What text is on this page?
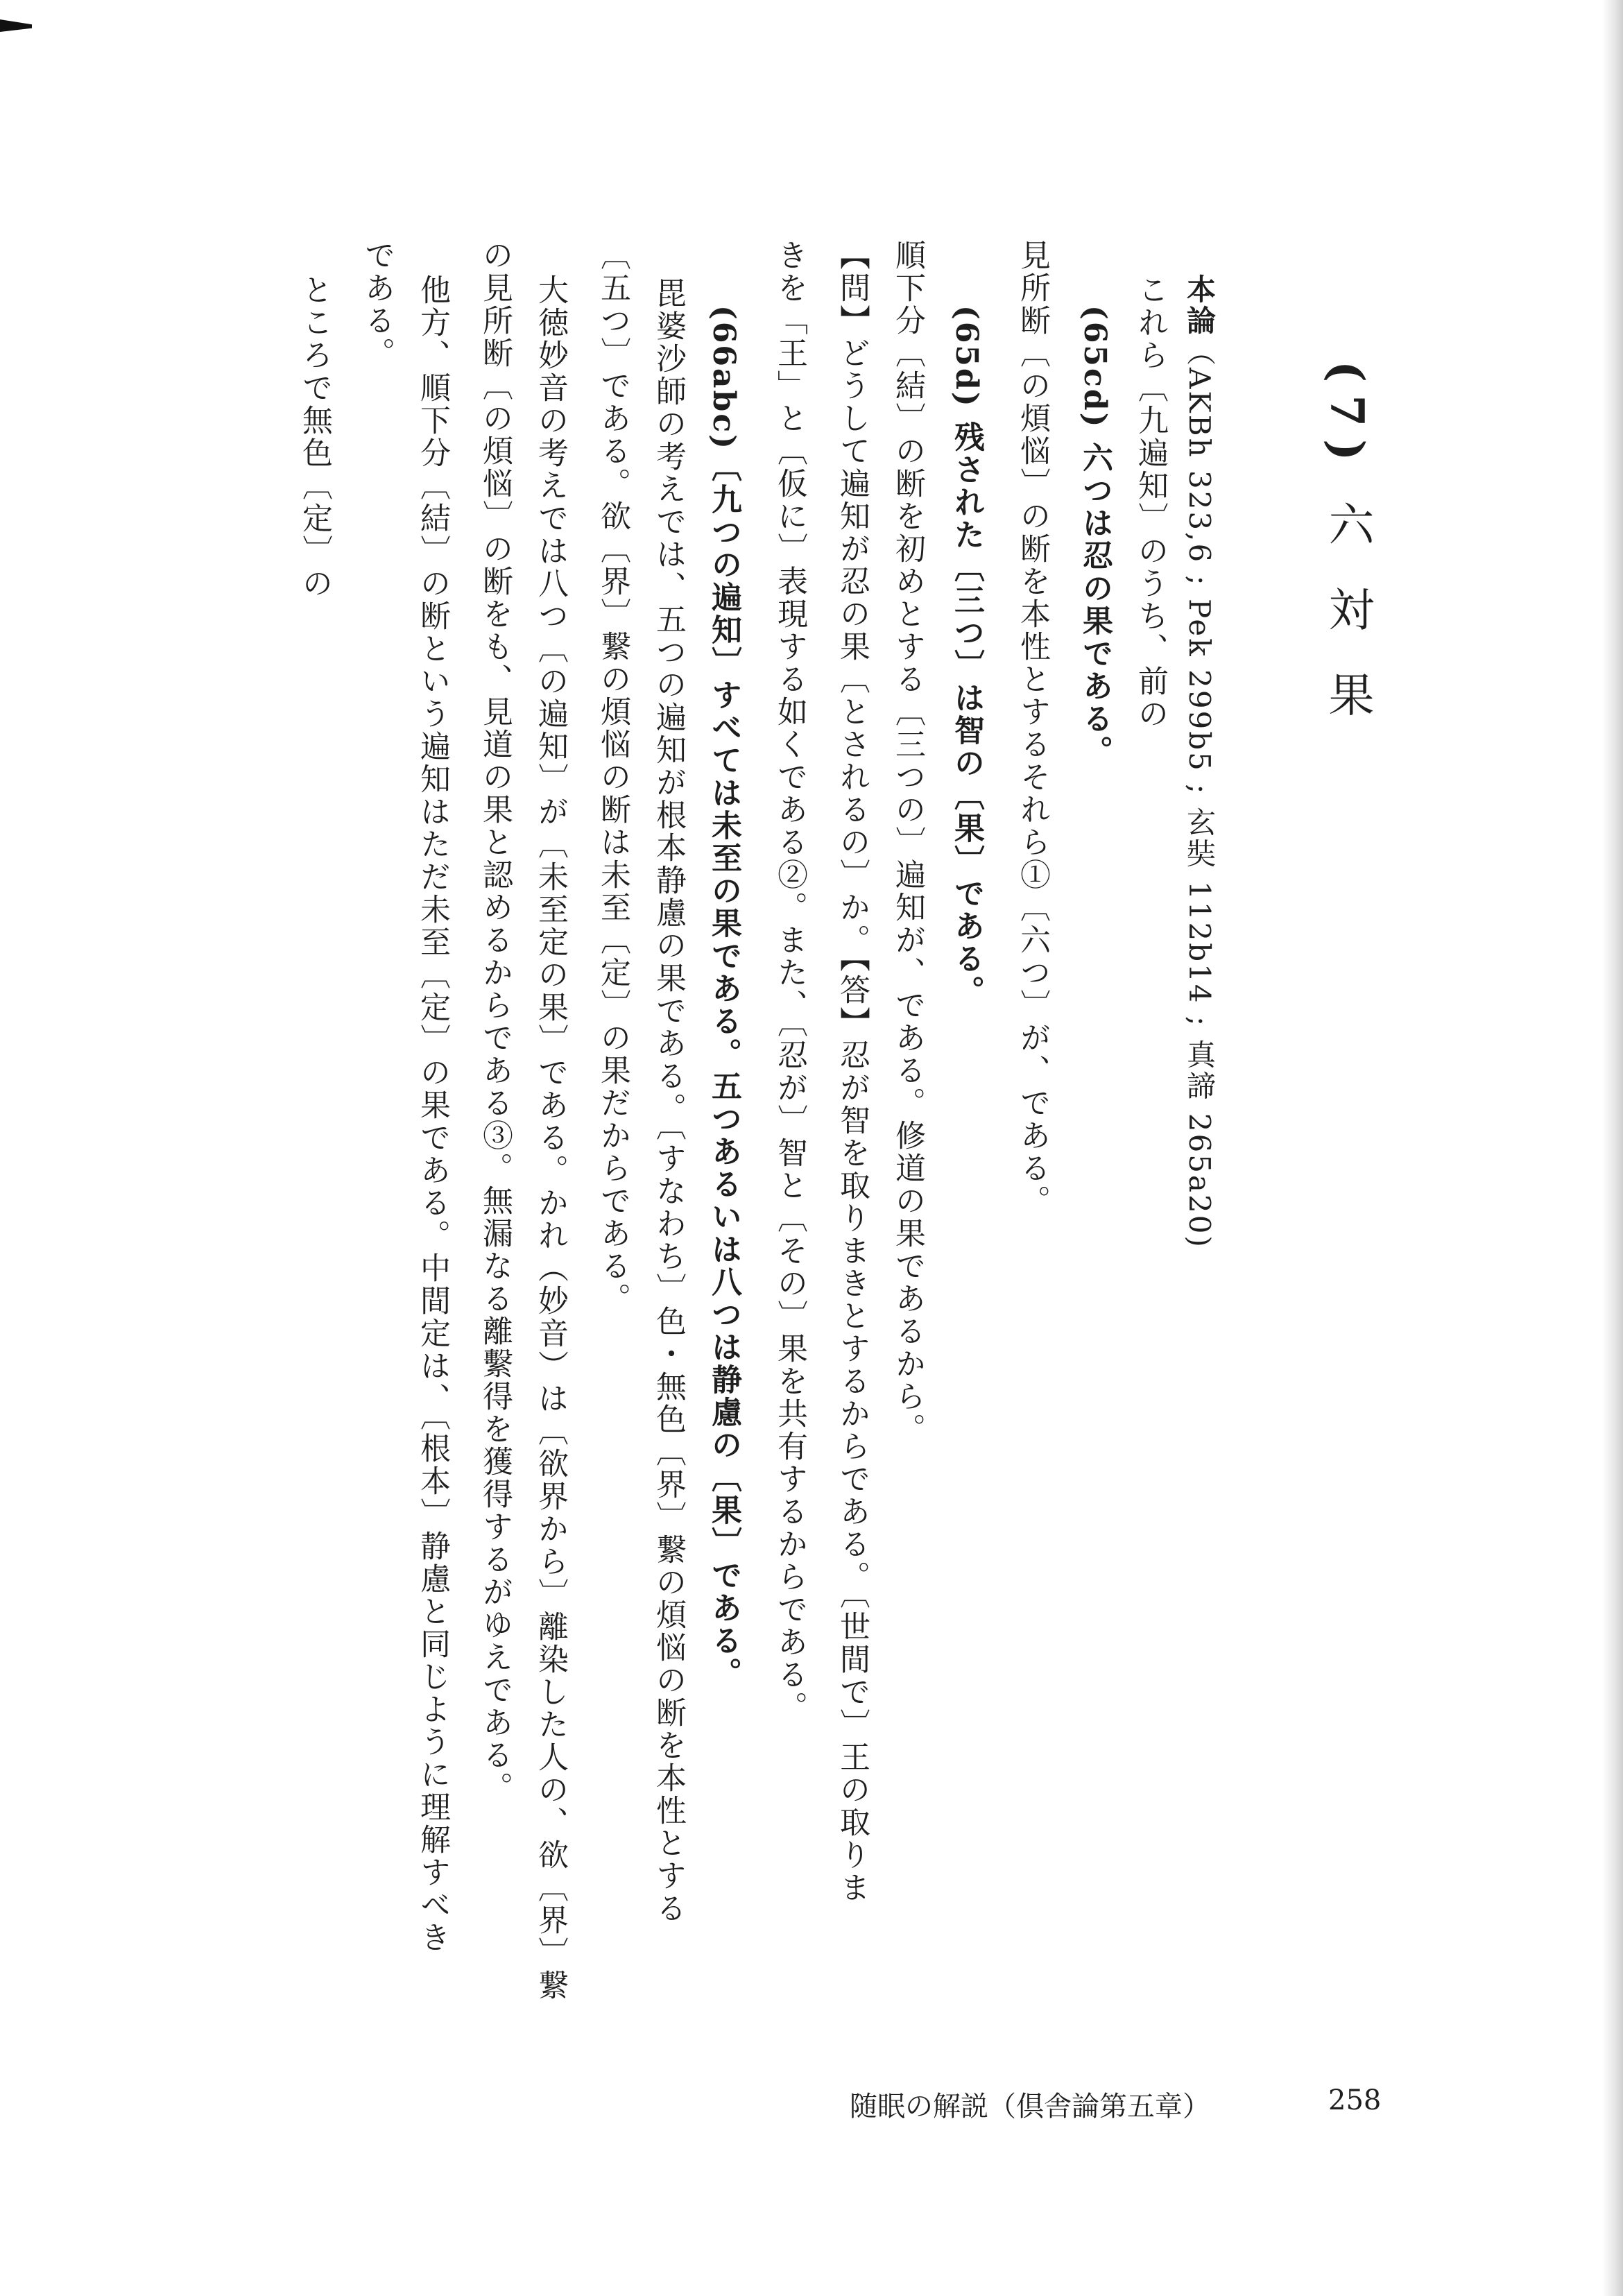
(7) 六 対 果
本論（AKBh 323,6 ; Pek 299b5 ; 玄奘 112b14 ; 真諦 265a20)
これら〔九遍知〕のうち、前の
(65cd) 六つは忍の果である。
見所断〔の煩悩〕の断を本性とするそれら①〔六つ〕が、である。
(65d) 残された〔三つ〕は智の〔果〕である。
順下分〔結〕の断を初めとする〔三つの〕遍知が、である。修道の果であるから。
【問】どうして遍知が忍の果〔とされるの〕か。【答】忍が智を取りまきとするからである。〔世間で〕王の取りま
きを「王」と〔仮に〕表現する如くである②。また、〔忍が〕智と〔その〕果を共有するからである。
(66abc)〔九つの遍知〕すべては未至の果である。五つあるいは八つは静慮の〔果〕である。
毘婆沙師の考えでは、五つの遍知が根本静慮の果である。〔すなわち〕色・無色〔界〕繋の煩悩の断を本性とする
〔五つ〕である。欲〔界〕繋の煩悩の断は未至〔定〕の果だからである。
大徳妙音の考えでは八つ〔の遍知〕が〔未至定の果〕である。かれ（妙音）は〔欲界から〕離染した人の、欲〔界〕繋
の見所断〔の煩悩〕の断をも、見道の果と認めるからである③。無漏なる離繫得を獲得するがゆえである。
他方、順下分〔結〕の断という遍知はただ未至〔定〕の果である。中間定は、〔根本〕静慮と同じように理解すべき
である。
ところで無色〔定〕の
随眠の解説（倶舎論第五章）	258
